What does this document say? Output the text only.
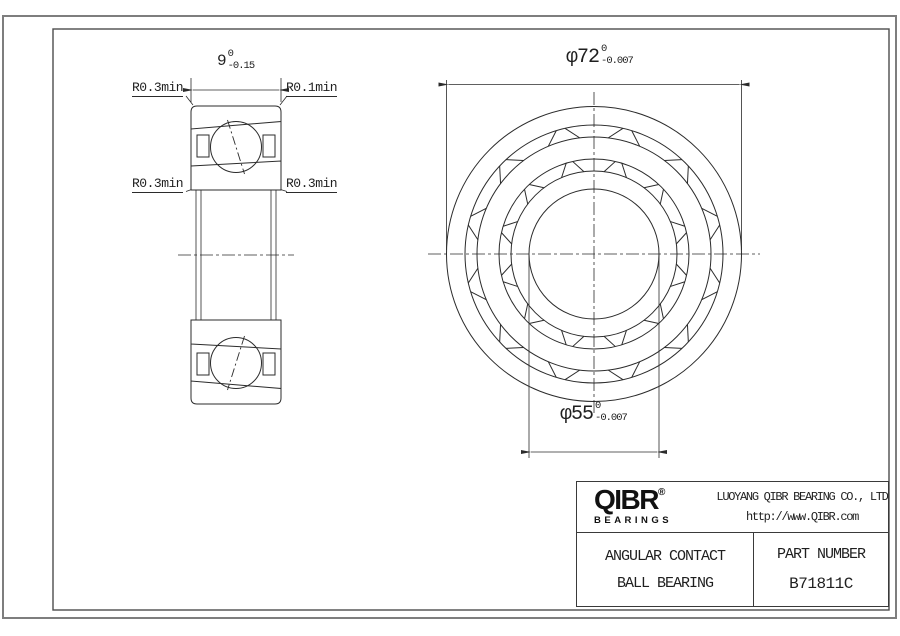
9 0
-0.15	φ72 0
-0.007
φ55 0
-0.007
R0.3min	R0.1min
R0.3min	R0.3min
QIBR®
BEARINGS
LUOYANG QIBR BEARING CO., LTD
http://www.QIBR.com
ANGULAR CONTACT
BALL BEARING
PART NUMBER
B71811C
